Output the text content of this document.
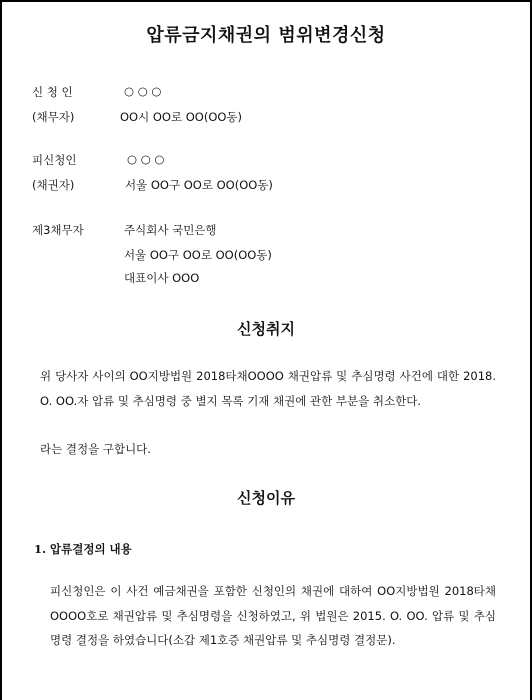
압류금지채권의 범위변경신청
신 청 인	○ ○ ○
(채무자)	OO시 OO로 OO(OO동)
피신청인	○ ○ ○
(채권자)	서울 OO구 OO로 OO(OO동)
제3채무자	주식회사 국민은행
서울 OO구 OO로 OO(OO동)
대표이사 OOO
신청취지

위 당사자 사이의 OO지방법원 2018타채OOOO 채권압류 및 추심명령 사건에 대한 2018. O. OO.자 압류 및 추심명령 중 별지 목록 기재 채권에 관한 부분을 취소한다.

라는 결정을 구합니다.

신청이유
1. 압류결정의 내용

피신청인은 이 사건 예금채권을 포함한 신청인의 채권에 대하여 OO지방법원 2018타채OOOO호로 채권압류 및 추심명령을 신청하였고, 위 법원은 2015. O. OO. 압류 및 추심명령 결정을 하였습니다(소갑 제1호증 채권압류 및 추심명령 결정문).
